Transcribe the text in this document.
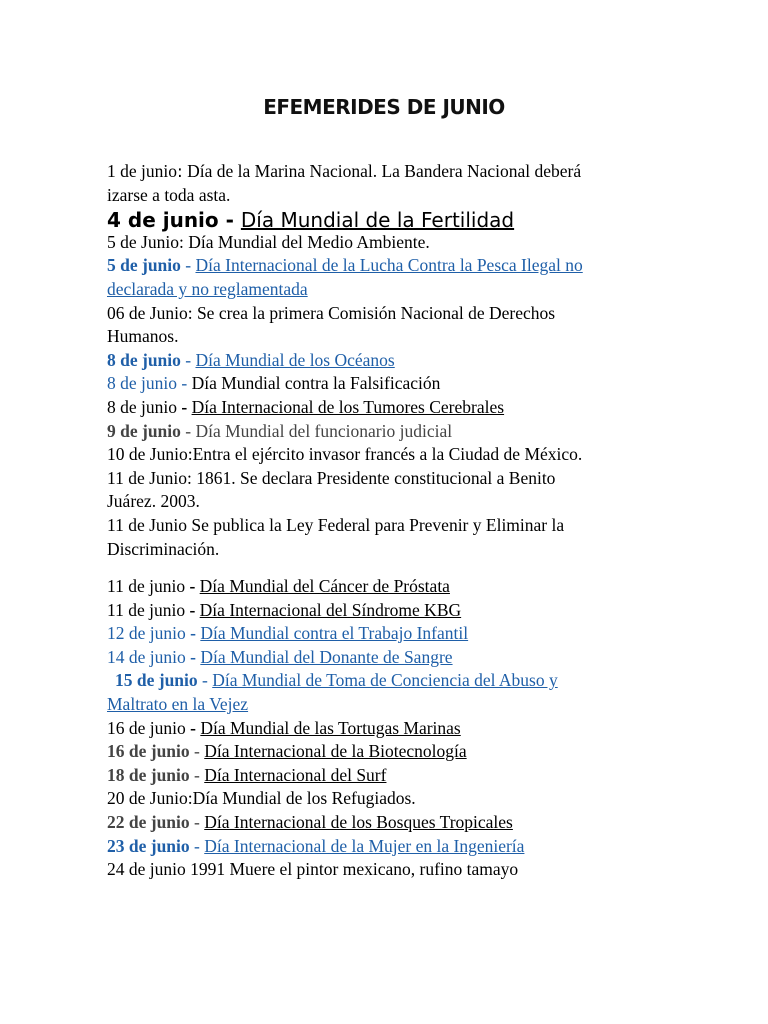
EFEMERIDES DE JUNIO
1 de junio: Día de la Marina Nacional. La Bandera Nacional deberá
izarse a toda asta.
4 de junio - Día Mundial de la Fertilidad
5 de Junio: Día Mundial del Medio Ambiente.
5 de junio - Día Internacional de la Lucha Contra la Pesca Ilegal no
declarada y no reglamentada
06 de Junio: Se crea la primera Comisión Nacional de Derechos
Humanos.
8 de junio - Día Mundial de los Océanos
8 de junio - Día Mundial contra la Falsificación
8 de junio - Día Internacional de los Tumores Cerebrales
9 de junio - Día Mundial del funcionario judicial
10 de Junio:Entra el ejército invasor francés a la Ciudad de México.
11 de Junio: 1861. Se declara Presidente constitucional a Benito
Juárez. 2003.
11 de Junio Se publica la Ley Federal para Prevenir y Eliminar la
Discriminación.
11 de junio - Día Mundial del Cáncer de Próstata
11 de junio - Día Internacional del Síndrome KBG
12 de junio - Día Mundial contra el Trabajo Infantil
14 de junio - Día Mundial del Donante de Sangre
15 de junio - Día Mundial de Toma de Conciencia del Abuso y
Maltrato en la Vejez
16 de junio - Día Mundial de las Tortugas Marinas
16 de junio - Día Internacional de la Biotecnología
18 de junio - Día Internacional del Surf
20 de Junio:Día Mundial de los Refugiados.
22 de junio - Día Internacional de los Bosques Tropicales
23 de junio - Día Internacional de la Mujer en la Ingeniería
24 de junio 1991 Muere el pintor mexicano, rufino tamayo
